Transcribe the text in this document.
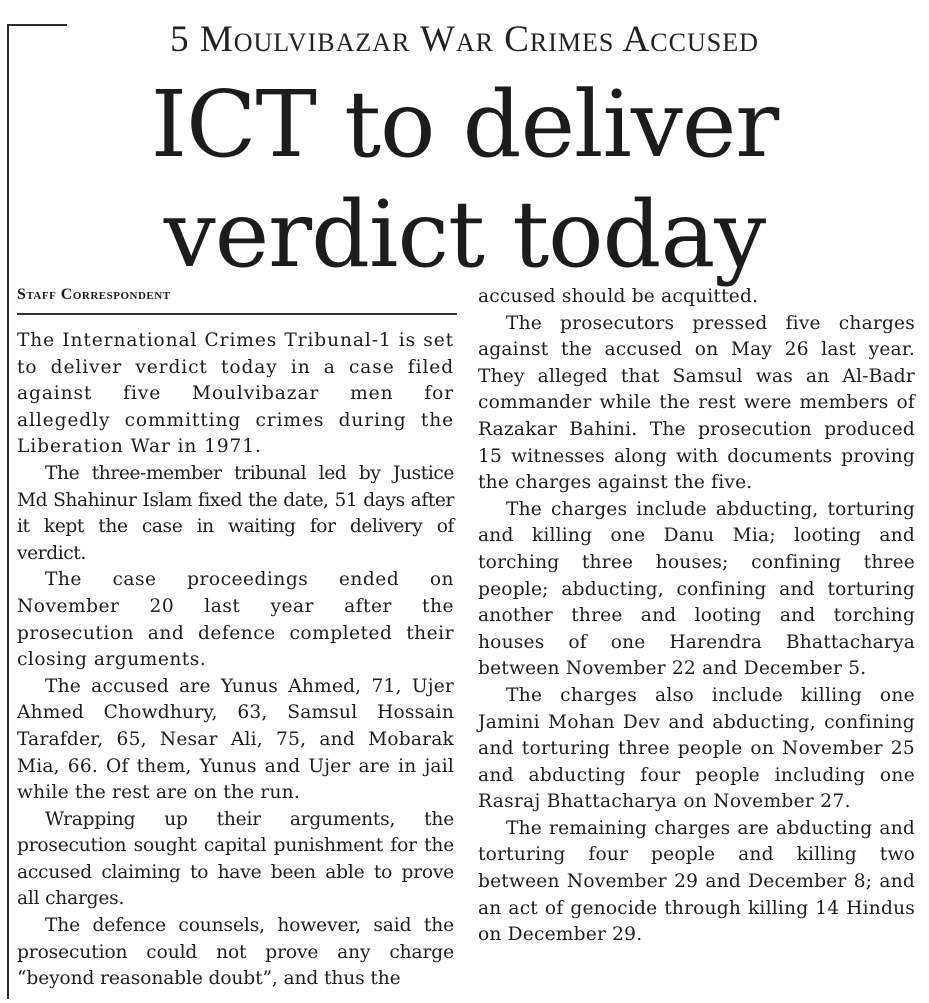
5 Moulvibazar War Crimes Accused
ICT to deliver
verdict today
Staff Correspondent

The International Crimes Tribunal-1 is set to deliver verdict today in a case filed against five Moulvibazar men for allegedly committing crimes during the Liberation War in 1971.

The three-member tribunal led by Justice Md Shahinur Islam fixed the date, 51 days after it kept the case in waiting for delivery of verdict.

The case proceedings ended on November 20 last year after the prosecution and defence completed their closing arguments.

The accused are Yunus Ahmed, 71, Ujer Ahmed Chowdhury, 63, Samsul Hossain Tarafder, 65, Nesar Ali, 75, and Mobarak Mia, 66. Of them, Yunus and Ujer are in jail while the rest are on the run.

Wrapping up their arguments, the prosecution sought capital punishment for the accused claiming to have been able to prove all charges.

The defence counsels, however, said the prosecution could not prove any charge “beyond reasonable doubt”, and thus the

accused should be acquitted.

The prosecutors pressed five charges against the accused on May 26 last year. They alleged that Samsul was an Al-Badr commander while the rest were members of Razakar Bahini. The prosecution produced 15 witnesses along with documents proving the charges against the five.

The charges include abducting, torturing and killing one Danu Mia; looting and torching three houses; confining three people; abducting, confining and torturing another three and looting and torching houses of one Harendra Bhattacharya between November 22 and December 5.

The charges also include killing one Jamini Mohan Dev and abducting, confining and torturing three people on November 25 and abducting four people including one Rasraj Bhattacharya on November 27.

The remaining charges are abducting and torturing four people and killing two between November 29 and December 8; and an act of genocide through killing 14 Hindus on December 29.
